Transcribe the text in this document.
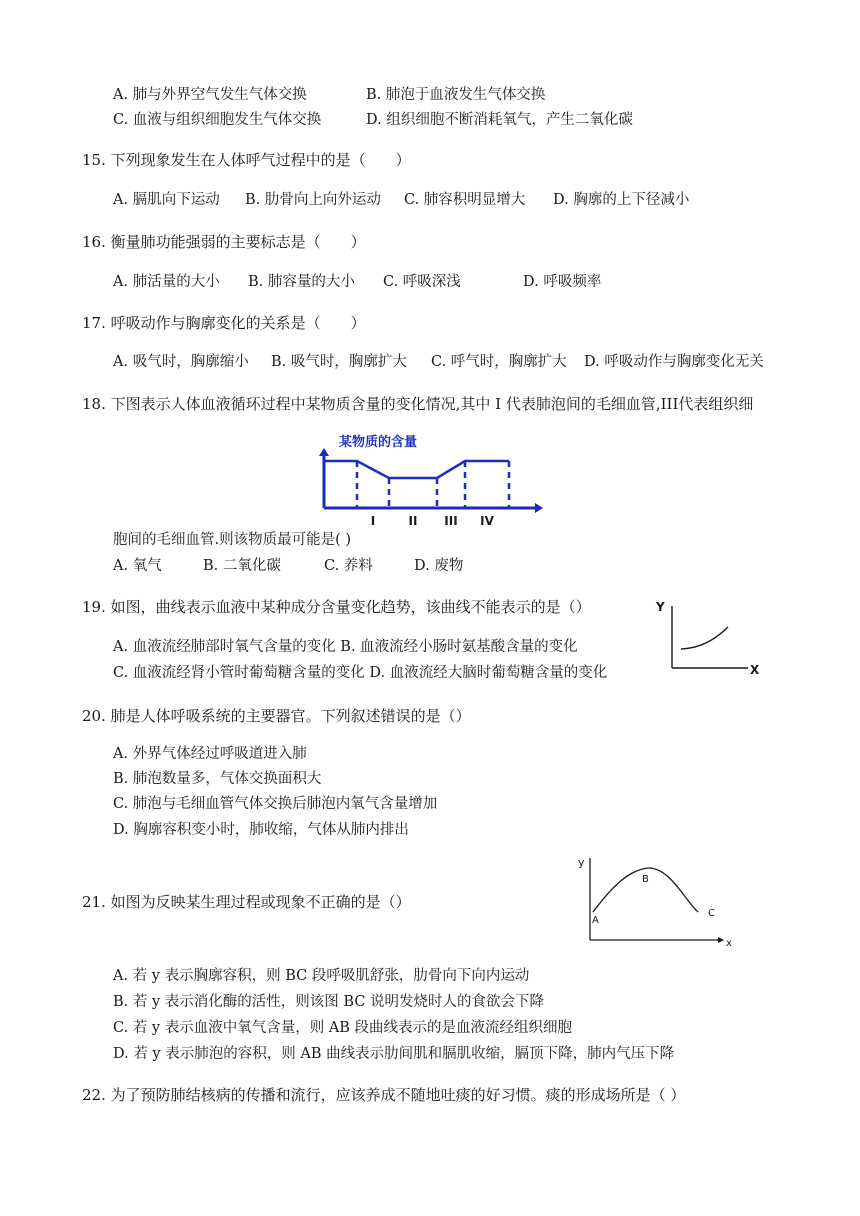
A. 肺与外界空气发生气体交换	B. 肺泡于血液发生气体交换
C. 血液与组织细胞发生气体交换	D. 组织细胞不断消耗氧气，产生二氧化碳
15. 下列现象发生在人体呼气过程中的是（　　）
A. 膈肌向下运动 B. 肋骨向上向外运动 C. 肺容积明显增大 D. 胸廓的上下径减小
16. 衡量肺功能强弱的主要标志是（　　）
A. 肺活量的大小 B. 肺容量的大小 C. 呼吸深浅	D. 呼吸频率
17. 呼吸动作与胸廓变化的关系是（　　）
A. 吸气时，胸廓缩小 B. 吸气时，胸廓扩大 C. 呼气时，胸廓扩大 D. 呼吸动作与胸廓变化无关
18. 下图表示人体血液循环过程中某物质含量的变化情况,其中 I 代表肺泡间的毛细血管,III代表组织细
某物质的含量
I	II III IV
胞间的毛细血管.则该物质最可能是( )
A. 氧气	B. 二氧化碳	C. 养料	D. 废物
19. 如图，曲线表示血液中某种成分含量变化趋势，该曲线不能表示的是（）
A. 血液流经肺部时氧气含量的变化 B. 血液流经小肠时氨基酸含量的变化
C. 血液流经肾小管时葡萄糖含量的变化 D. 血液流经大脑时葡萄糖含量的变化
Y
X
20. 肺是人体呼吸系统的主要器官。下列叙述错误的是（）
A. 外界气体经过呼吸道进入肺
B. 肺泡数量多，气体交换面积大
C. 肺泡与毛细血管气体交换后肺泡内氧气含量增加
D. 胸廓容积变小时，肺收缩，气体从肺内排出
y
x
A
B
C
21. 如图为反映某生理过程或现象不正确的是（）
A. 若 y 表示胸廓容积，则 BC 段呼吸肌舒张，肋骨向下向内运动
B. 若 y 表示消化酶的活性，则该图 BC 说明发烧时人的食欲会下降
C. 若 y 表示血液中氧气含量，则 AB 段曲线表示的是血液流经组织细胞
D. 若 y 表示肺泡的容积，则 AB 曲线表示肋间肌和膈肌收缩，膈顶下降，肺内气压下降
22. 为了预防肺结核病的传播和流行，应该养成不随地吐痰的好习惯。痰的形成场所是（ ）
